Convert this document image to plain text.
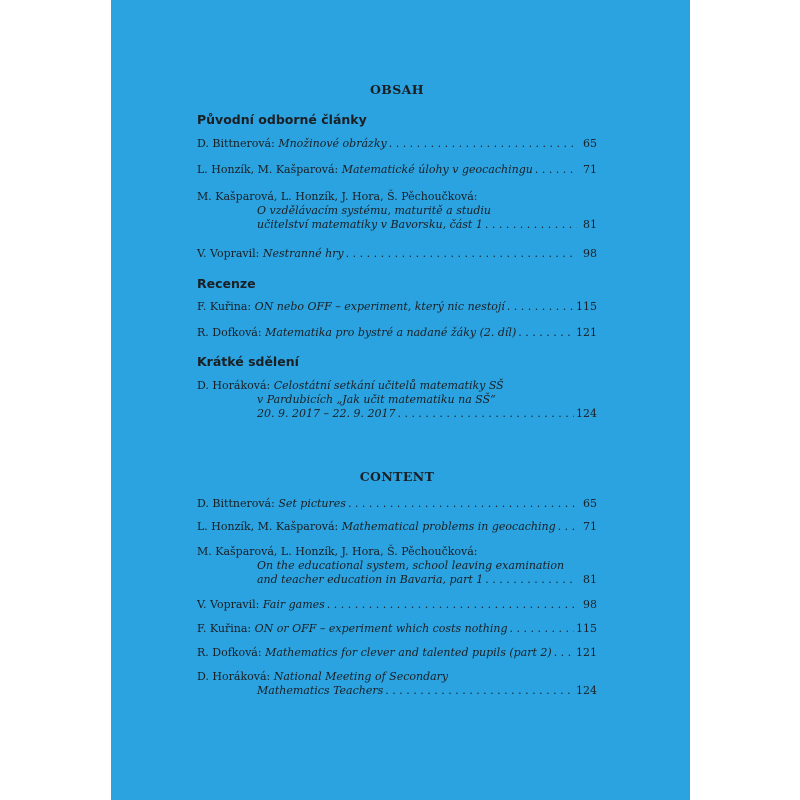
OBSAH
Původní odborné články
D. Bittnerová:
Množinové obrázky . . .	65
L. Honzík, M. Kašparová:
Matematické úlohy v geocachingu . . .	71
M. Kašparová, L. Honzík, J. Hora, Š. Pěchoučková:
O vzdělávacím systému, maturitě a studiu
učitelství matematiky v Bavorsku, část 1 . . .	81
V. Vopravil:
Nestranné hry . . .	98
Recenze
F. Kuřina:
ON nebo OFF – experiment, který nic nestojí . . .	115
R. Dofková:
Matematika pro bystré a nadané žáky (2. díl) . . .	121
Krátké sdělení
D. Horáková:
Celostátní setkání učitelů matematiky SŠ
v Pardubicích „Jak učit matematiku na SŠ“
20. 9. 2017 – 22. 9. 2017 . . .	124
CONTENT
D. Bittnerová:
Set pictures . . .	65
L. Honzík, M. Kašparová:
Mathematical problems in geocaching . . .	71
M. Kašparová, L. Honzík, J. Hora, Š. Pěchoučková:
On the educational system, school leaving examination
and teacher education in Bavaria, part 1 . . .	81
V. Vopravil:
Fair games . . .	98
F. Kuřina:
ON or OFF – experiment which costs nothing . . .	115
R. Dofková:
Mathematics for clever and talented pupils (part 2) . . . 121
D. Horáková:
National Meeting of Secondary
Mathematics Teachers . . .	124
